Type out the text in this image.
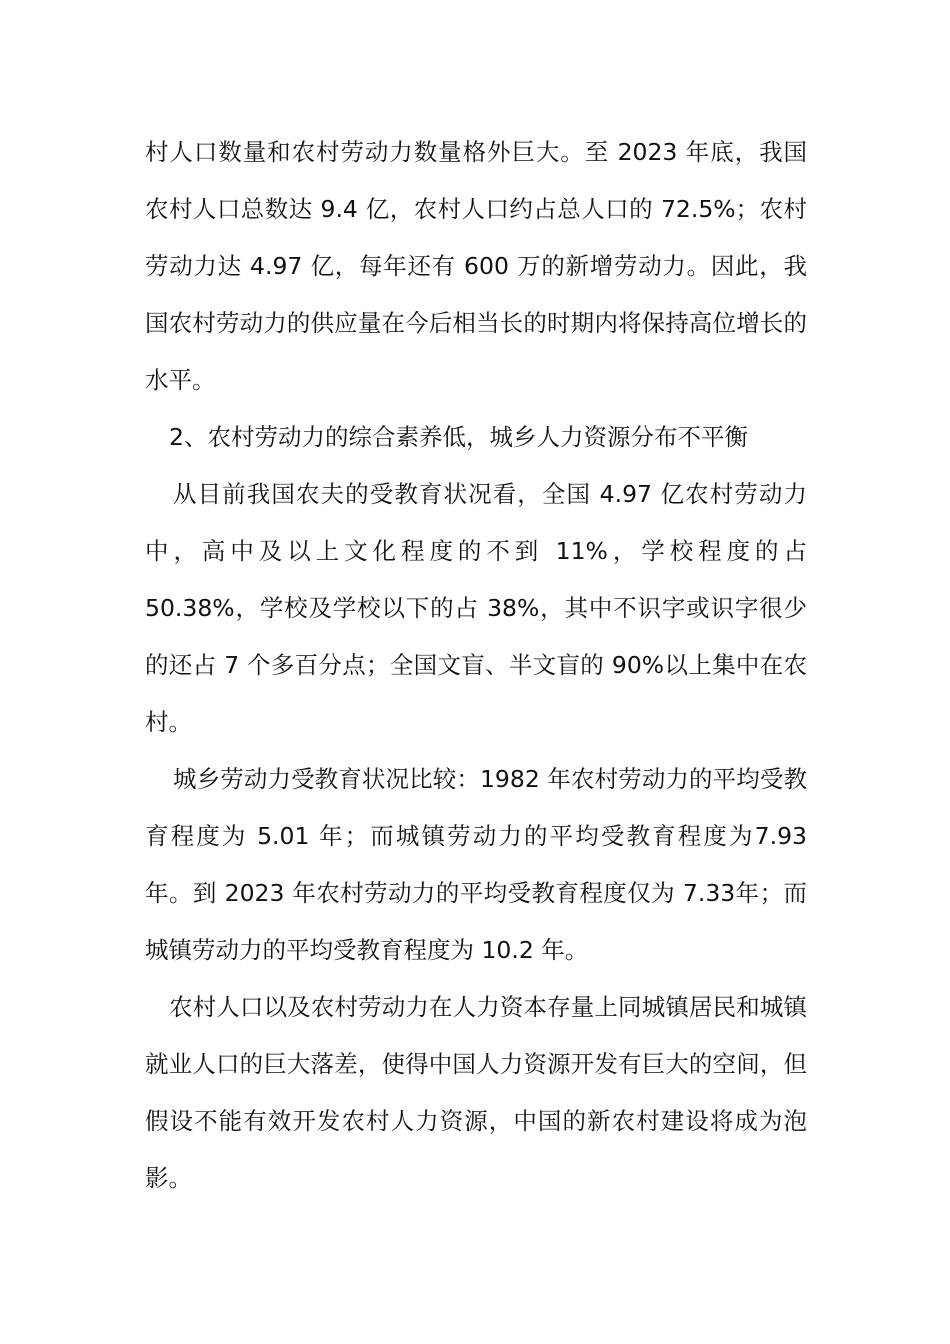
村人口数量和农村劳动力数量格外巨大。至 2023 年底，我国农村人口总数达 9.4 亿，农村人口约占总人口的 72.5%；农村劳动力达 4.97 亿，每年还有 600 万的新增劳动力。因此，我国农村劳动力的供应量在今后相当长的时期内将保持高位增长的水平。

2、农村劳动力的综合素养低，城乡人力资源分布不平衡

从目前我国农夫的受教育状况看，全国 4.97 亿农村劳动力中，高中及以上文化程度的不到 11%，学校程度的占50.38%，学校及学校以下的占 38%，其中不识字或识字很少的还占 7 个多百分点；全国文盲、半文盲的 90%以上集中在农村。

城乡劳动力受教育状况比较：1982 年农村劳动力的平均受教育程度为 5.01 年；而城镇劳动力的平均受教育程度为7.93 年。到 2023 年农村劳动力的平均受教育程度仅为 7.33年；而城镇劳动力的平均受教育程度为 10.2 年。

农村人口以及农村劳动力在人力资本存量上同城镇居民和城镇就业人口的巨大落差，使得中国人力资源开发有巨大的空间，但假设不能有效开发农村人力资源，中国的新农村建设将成为泡影。
